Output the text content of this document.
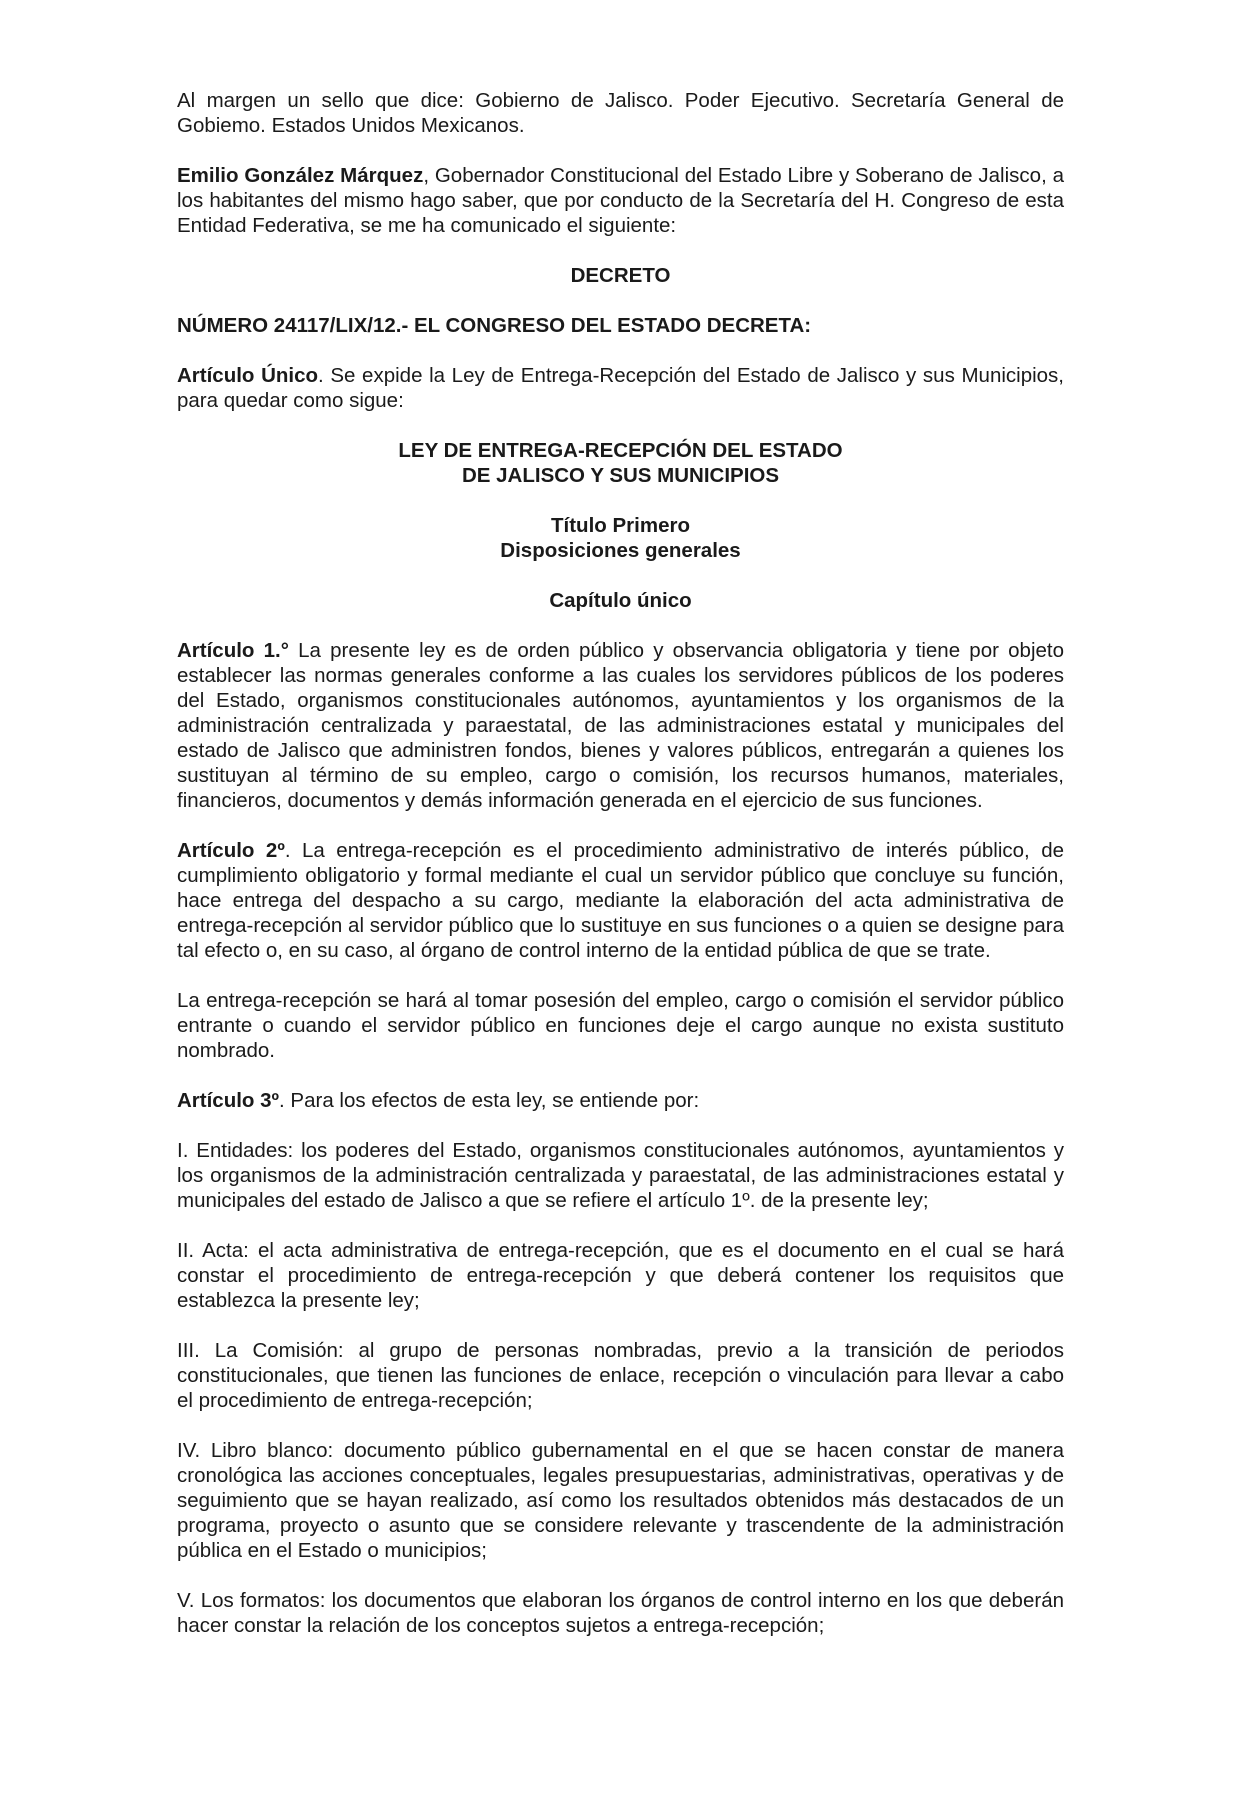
Al margen un sello que dice: Gobierno de Jalisco. Poder Ejecutivo. Secretaría General de Gobiemo. Estados Unidos Mexicanos.

Emilio González Márquez, Gobernador Constitucional del Estado Libre y Soberano de Jalisco, a los habitantes del mismo hago saber, que por conducto de la Secretaría del H. Congreso de esta Entidad Federativa, se me ha comunicado el siguiente:

DECRETO
NÚMERO 24117/LIX/12.- EL CONGRESO DEL ESTADO DECRETA:

Artículo Único. Se expide la Ley de Entrega-Recepción del Estado de Jalisco y sus Municipios, para quedar como sigue:

LEY DE ENTREGA-RECEPCIÓN DEL ESTADO
DE JALISCO Y SUS MUNICIPIOS
Título Primero
Disposiciones generales
Capítulo único

Artículo 1.° La presente ley es de orden público y observancia obligatoria y tiene por objeto establecer las normas generales conforme a las cuales los servidores públicos de los poderes del Estado, organismos constitucionales autónomos, ayuntamientos y los organismos de la administración centralizada y paraestatal, de las administraciones estatal y municipales del estado de Jalisco que administren fondos, bienes y valores públicos, entregarán a quienes los sustituyan al término de su empleo, cargo o comisión, los recursos humanos, materiales, financieros, documentos y demás información generada en el ejercicio de sus funciones.

Artículo 2º. La entrega-recepción es el procedimiento administrativo de interés público, de cumplimiento obligatorio y formal mediante el cual un servidor público que concluye su función, hace entrega del despacho a su cargo, mediante la elaboración del acta administrativa de entrega-recepción al servidor público que lo sustituye en sus funciones o a quien se designe para tal efecto o, en su caso, al órgano de control interno de la entidad pública de que se trate.

La entrega-recepción se hará al tomar posesión del empleo, cargo o comisión el servidor público entrante o cuando el servidor público en funciones deje el cargo aunque no exista sustituto nombrado.

Artículo 3º. Para los efectos de esta ley, se entiende por:

I. Entidades: los poderes del Estado, organismos constitucionales autónomos, ayuntamientos y los organismos de la administración centralizada y paraestatal, de las administraciones estatal y municipales del estado de Jalisco a que se refiere el artículo 1º. de la presente ley;

II. Acta: el acta administrativa de entrega-recepción, que es el documento en el cual se hará constar el procedimiento de entrega-recepción y que deberá contener los requisitos que establezca la presente ley;

III. La Comisión: al grupo de personas nombradas, previo a la transición de periodos constitucionales, que tienen las funciones de enlace, recepción o vinculación para llevar a cabo el procedimiento de entrega-recepción;

IV. Libro blanco: documento público gubernamental en el que se hacen constar de manera cronológica las acciones conceptuales, legales presupuestarias, administrativas, operativas y de seguimiento que se hayan realizado, así como los resultados obtenidos más destacados de un programa, proyecto o asunto que se considere relevante y trascendente de la administración pública en el Estado o municipios;

V. Los formatos: los documentos que elaboran los órganos de control interno en los que deberán hacer constar la relación de los conceptos sujetos a entrega-recepción;
